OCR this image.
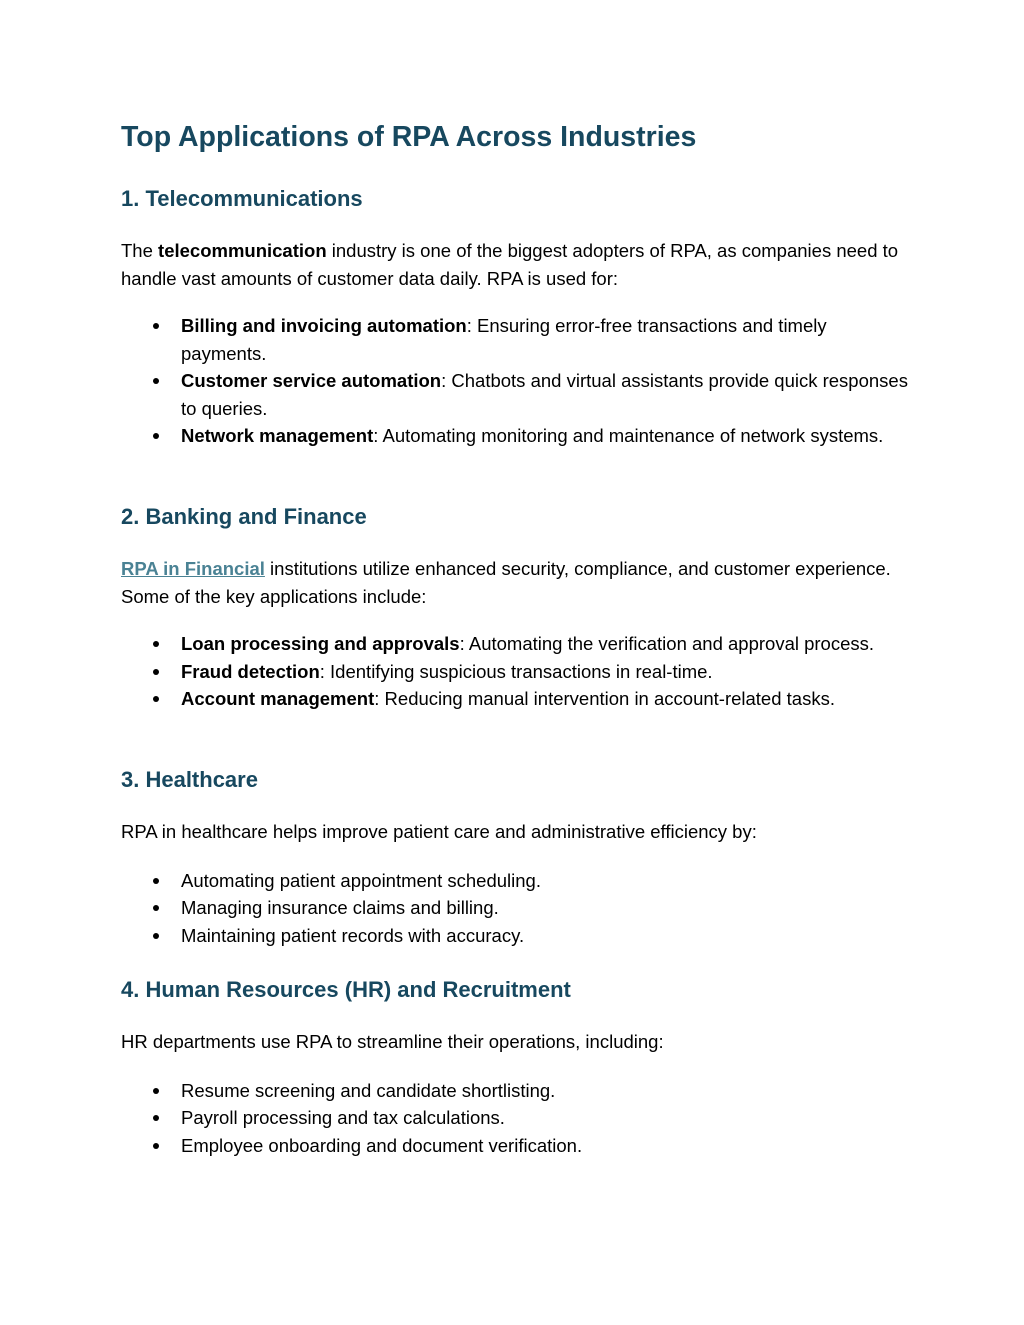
Top Applications of RPA Across Industries
1. Telecommunications

The telecommunication industry is one of the biggest adopters of RPA, as companies need to handle vast amounts of customer data daily. RPA is used for:

Billing and invoicing automation: Ensuring error-free transactions and timely payments.
Customer service automation: Chatbots and virtual assistants provide quick responses to queries.
Network management: Automating monitoring and maintenance of network systems.
2. Banking and Finance

RPA in Financial institutions utilize enhanced security, compliance, and customer experience. Some of the key applications include:

Loan processing and approvals: Automating the verification and approval process.
Fraud detection: Identifying suspicious transactions in real-time.
Account management: Reducing manual intervention in account-related tasks.
3. Healthcare

RPA in healthcare helps improve patient care and administrative efficiency by:

Automating patient appointment scheduling.
Managing insurance claims and billing.
Maintaining patient records with accuracy.
4. Human Resources (HR) and Recruitment

HR departments use RPA to streamline their operations, including:

Resume screening and candidate shortlisting.
Payroll processing and tax calculations.
Employee onboarding and document verification.
